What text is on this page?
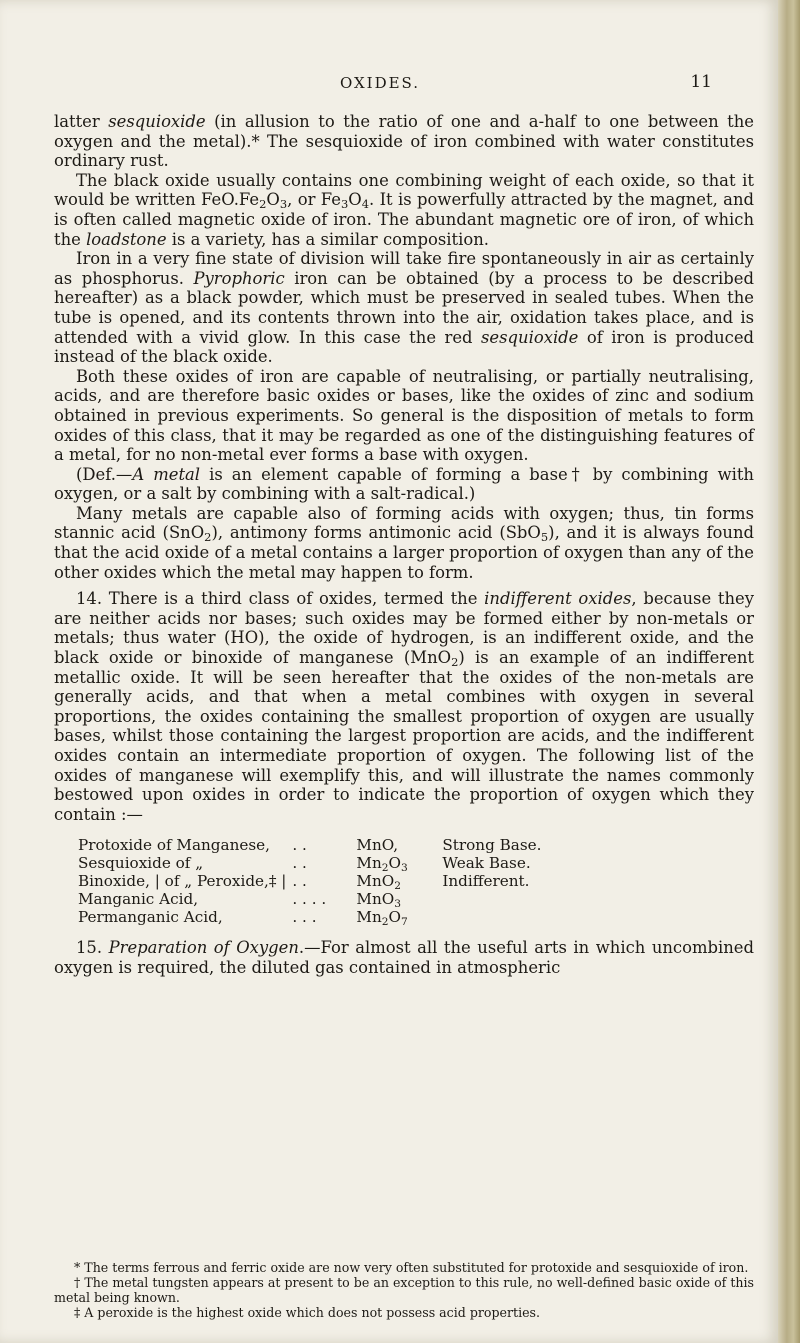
OXIDES.	11

latter sesquioxide (in allusion to the ratio of one and a-half to one between the oxygen and the metal).* The sesquioxide of iron combined with water constitutes ordinary rust.

The black oxide usually contains one combining weight of each oxide, so that it would be written $FeO.Fe_2O_3$, or $Fe_3O_4$. It is powerfully attracted by the magnet, and is often called magnetic oxide of iron. The abundant magnetic ore of iron, of which the loadstone is a variety, has a similar composition.

Iron in a very fine state of division will take fire spontaneously in air as certainly as phosphorus. Pyrophoric iron can be obtained (by a process to be described hereafter) as a black powder, which must be preserved in sealed tubes. When the tube is opened, and its contents thrown into the air, oxidation takes place, and is attended with a vivid glow. In this case the red sesquioxide of iron is produced instead of the black oxide.

Both these oxides of iron are capable of neutralising, or partially neutralising, acids, and are therefore basic oxides or bases, like the oxides of zinc and sodium obtained in previous experiments. So general is the disposition of metals to form oxides of this class, that it may be regarded as one of the distinguishing features of a metal, for no non-metal ever forms a base with oxygen.

(Def.—A metal is an element capable of forming a base† by combining with oxygen, or a salt by combining with a salt-radical.)

Many metals are capable also of forming acids with oxygen; thus, tin forms stannic acid (SnO$_2$), antimony forms antimonic acid (SbO$_5$), and it is always found that the acid oxide of a metal contains a larger proportion of oxygen than any of the other oxides which the metal may happen to form.

14. There is a third class of oxides, termed the indifferent oxides, because they are neither acids nor bases; such oxides may be formed either by non-metals or metals; thus water (HO), the oxide of hydrogen, is an indifferent oxide, and the black oxide or binoxide of manganese (MnO$_2$) is an example of an indifferent metallic oxide. It will be seen hereafter that the oxides of the non-metals are generally acids, and that when a metal combines with oxygen in several proportions, the oxides containing the smallest proportion of oxygen are usually bases, whilst those containing the largest proportion are acids, and the indifferent oxides contain an intermediate proportion of oxygen. The following list of the oxides of manganese will exemplify this, and will illustrate the names commonly bestowed upon oxides in order to indicate the proportion of oxygen which they contain :—

Protoxide of Manganese,	. .	MnO,	Strong Base.
Sesquioxide of „	. .	$Mn_2O_3$	Weak Base.
Binoxide, | of „ Peroxide,‡ |	. .	MnO$_2$	Indifferent.
Manganic Acid,	. . . .	MnO$_3$	
Permanganic Acid,	. . .	$Mn_2O_7$	

15. Preparation of Oxygen.—For almost all the useful arts in which uncombined oxygen is required, the diluted gas contained in atmospheric

* The terms ferrous and ferric oxide are now very often substituted for protoxide and sesquioxide of iron.

† The metal tungsten appears at present to be an exception to this rule, no well-defined basic oxide of this metal being known.

‡ A peroxide is the highest oxide which does not possess acid properties.
